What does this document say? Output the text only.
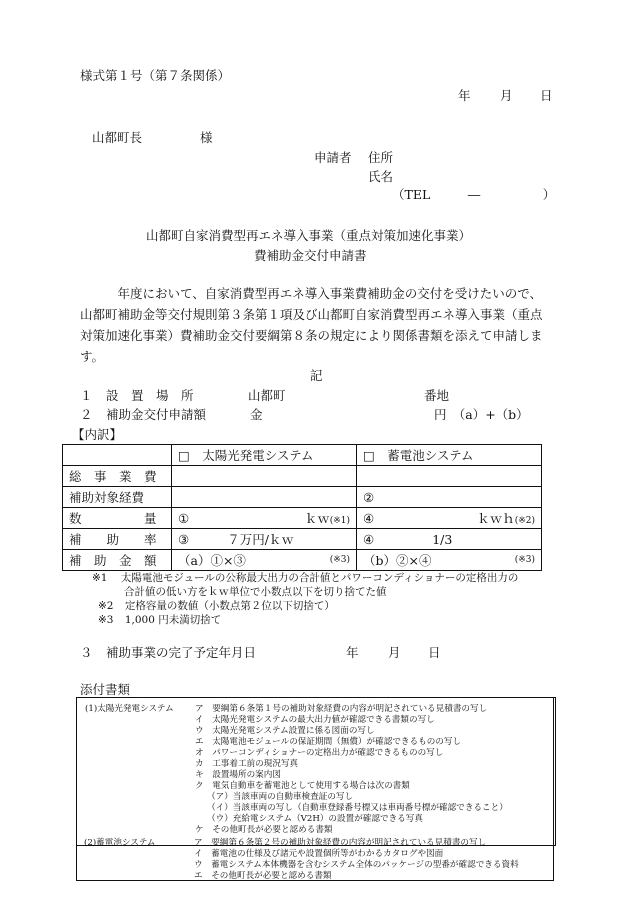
様式第１号（第７条関係）
年 月 日
山都町長	様
申請者 住所
氏名
（TEL　　　―　　　　　）
山都町自家消費型再エネ導入事業（重点対策加速化事業）
費補助金交付申請書
　　　年度において、自家消費型再エネ導入事業費補助金の交付を受けたいので、山都町補助金等交付規則第３条第１項及び山都町自家消費型再エネ導入事業（重点対策加速化事業）費補助金交付要綱第８条の規定により関係書類を添えて申請します。
記
１ 設　置　場　所	山都町	番地
２ 補助金交付申請額	金	円　（a）+（b）
【内訳】
	□　太陽光発電システム	□　蓄電池システム
総　事　業　費		
補助対象経費		②
数　　　　　量	① ｋｗ(※1)	④ ｋｗｈ(※2)

補　　助　　率	③ ７万円/ｋｗ	④ 1/3
補　助　金　額	（a）①×③ (※3)	（b）②×④ (※3)
※1 太陽電池モジュールの公称最大出力の合計値とパワーコンディショナーの定格出力の
合計値の低い方をｋｗ単位で小数点以下を切り捨てた値
※2 定格容量の数値（小数点第２位以下切捨て）
※3 1,000 円未満切捨て
３ 補助事業の完了予定年月日	年 月 日
添付書類
(1)太陽光発電システム ア　要綱第６条第１号の補助対象経費の内容が明記されている見積書の写し
イ　太陽光発電システムの最大出力値が確認できる書類の写し
ウ　太陽光発電システム設置に係る図面の写し
エ　太陽電池モジュールの保証期間（無償）が確認できるものの写し
オ　パワーコンディショナーの定格出力が確認できるものの写し
カ　工事着工前の現況写真
キ　設置場所の案内図
ク　電気自動車を蓄電池として使用する場合は次の書類
（ア）当該車両の自動車検査証の写し
（イ）当該車両の写し（自動車登録番号標又は車両番号標が確認できること）
（ウ）充給電システム（V2H）の設置が確認できる写真
ケ　その他町長が必要と認める書類
(2)蓄電池システム	ア　要綱第６条第２号の補助対象経費の内容が明記されている見積書の写し
イ　蓄電池の仕様及び諸元や設置個所等がわかるカタログや図面
ウ　蓄電システム本体機器を含むシステム全体のパッケージの型番が確認できる資料
エ　その他町長が必要と認める書類
